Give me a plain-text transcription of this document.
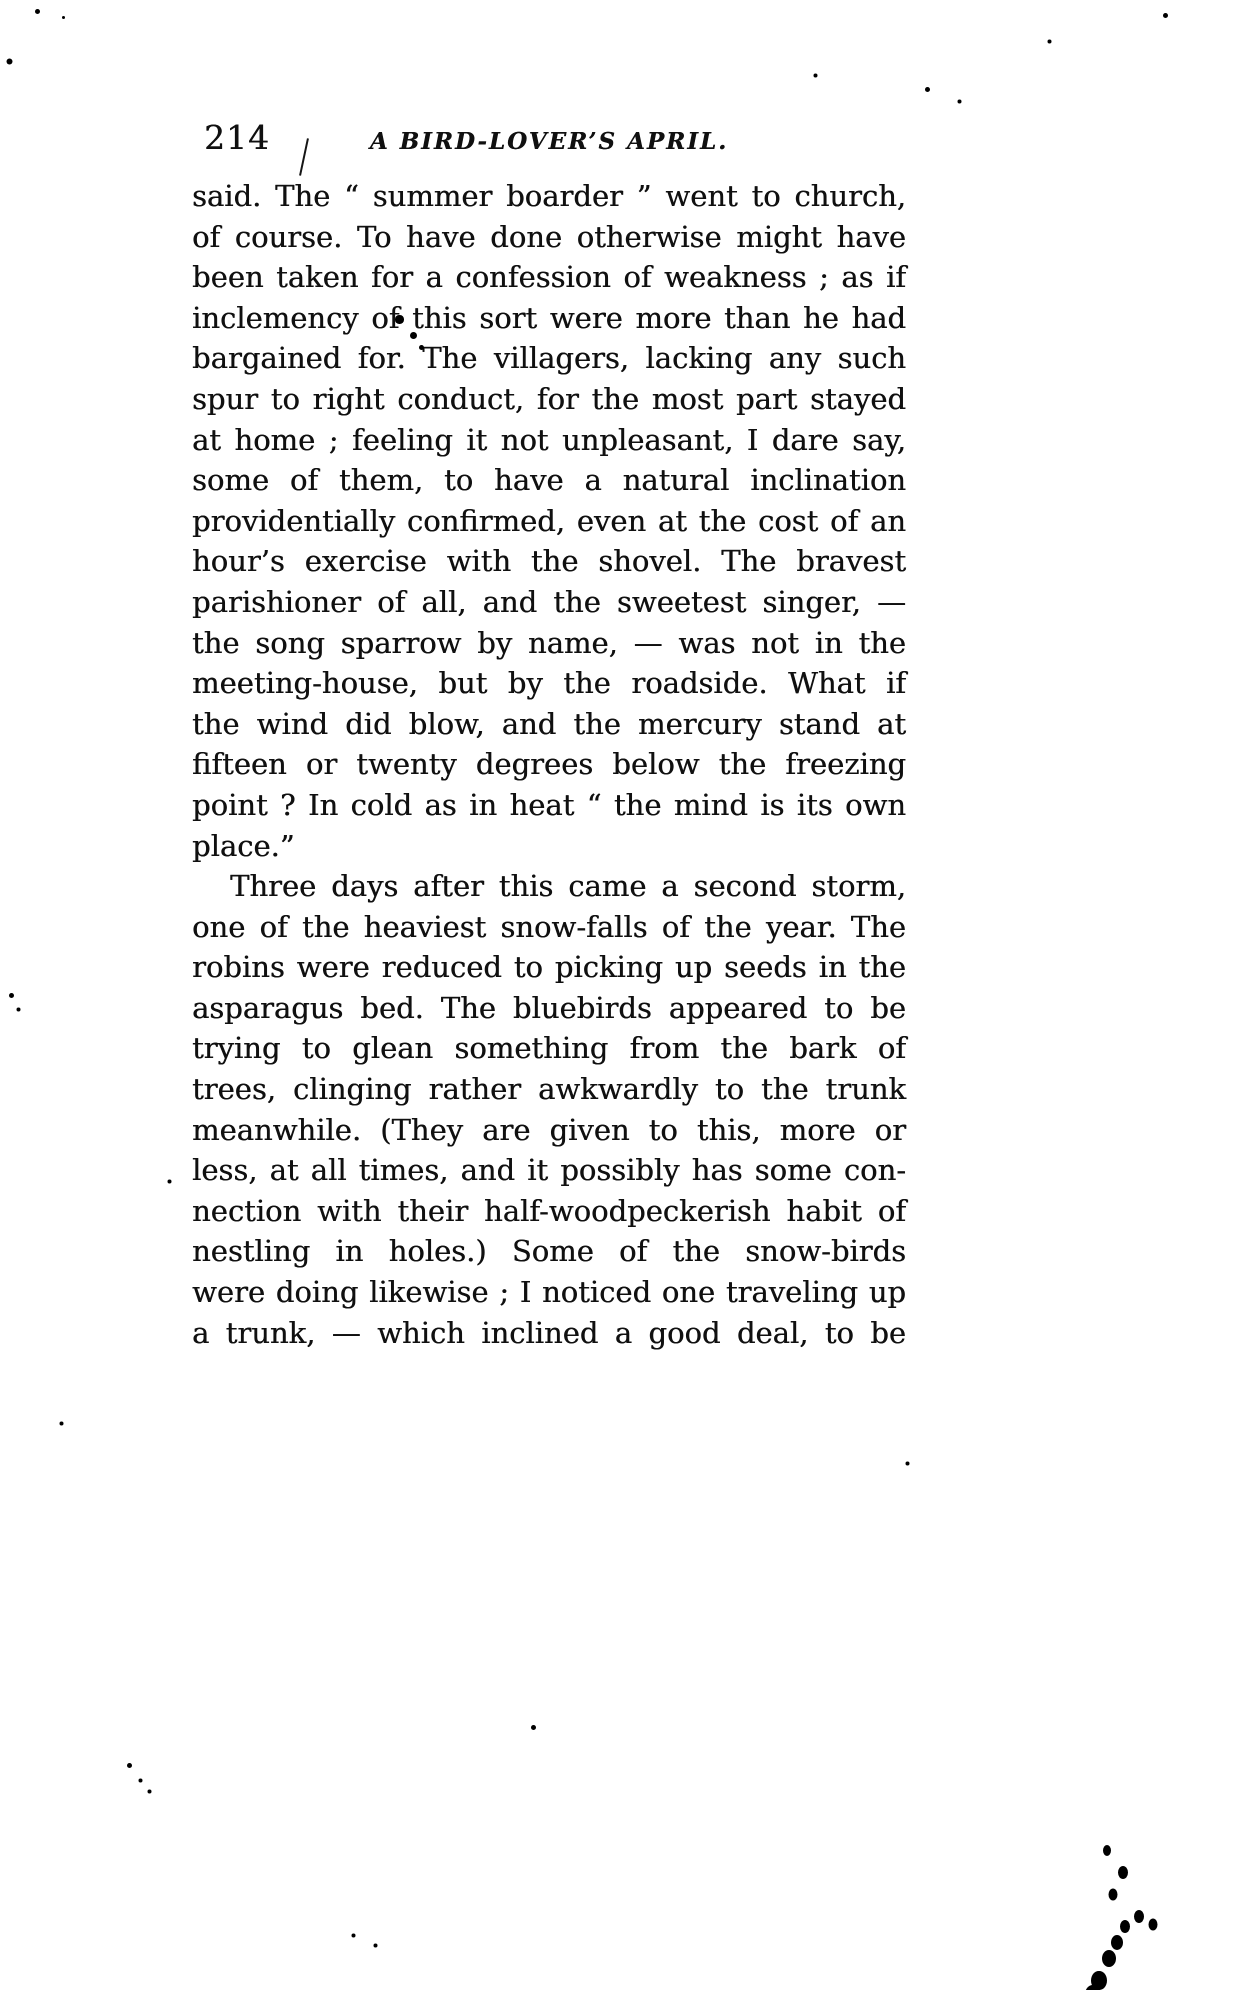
214	A BIRD-LOVER’S APRIL.
said. The “ summer boarder ” went to church,
of course. To have done otherwise might have
been taken for a confession of weakness ; as if
inclemency of this sort were more than he had
bargained for. The villagers, lacking any such
spur to right conduct, for the most part stayed
at home ; feeling it not unpleasant, I dare say,
some of them, to have a natural inclination
providentially confirmed, even at the cost of an
hour’s exercise with the shovel. The bravest
parishioner of all, and the sweetest singer, —
the song sparrow by name, — was not in the
meeting-house, but by the roadside. What if
the wind did blow, and the mercury stand at
fifteen or twenty degrees below the freezing
point ? In cold as in heat “ the mind is its own
place.”
Three days after this came a second storm,
one of the heaviest snow-falls of the year. The
robins were reduced to picking up seeds in the
asparagus bed. The bluebirds appeared to be
trying to glean something from the bark of
trees, clinging rather awkwardly to the trunk
meanwhile. (They are given to this, more or
less, at all times, and it possibly has some con-
nection with their half-woodpeckerish habit of
nestling in holes.) Some of the snow-birds
were doing likewise ; I noticed one traveling up
a trunk, — which inclined a good deal, to be
